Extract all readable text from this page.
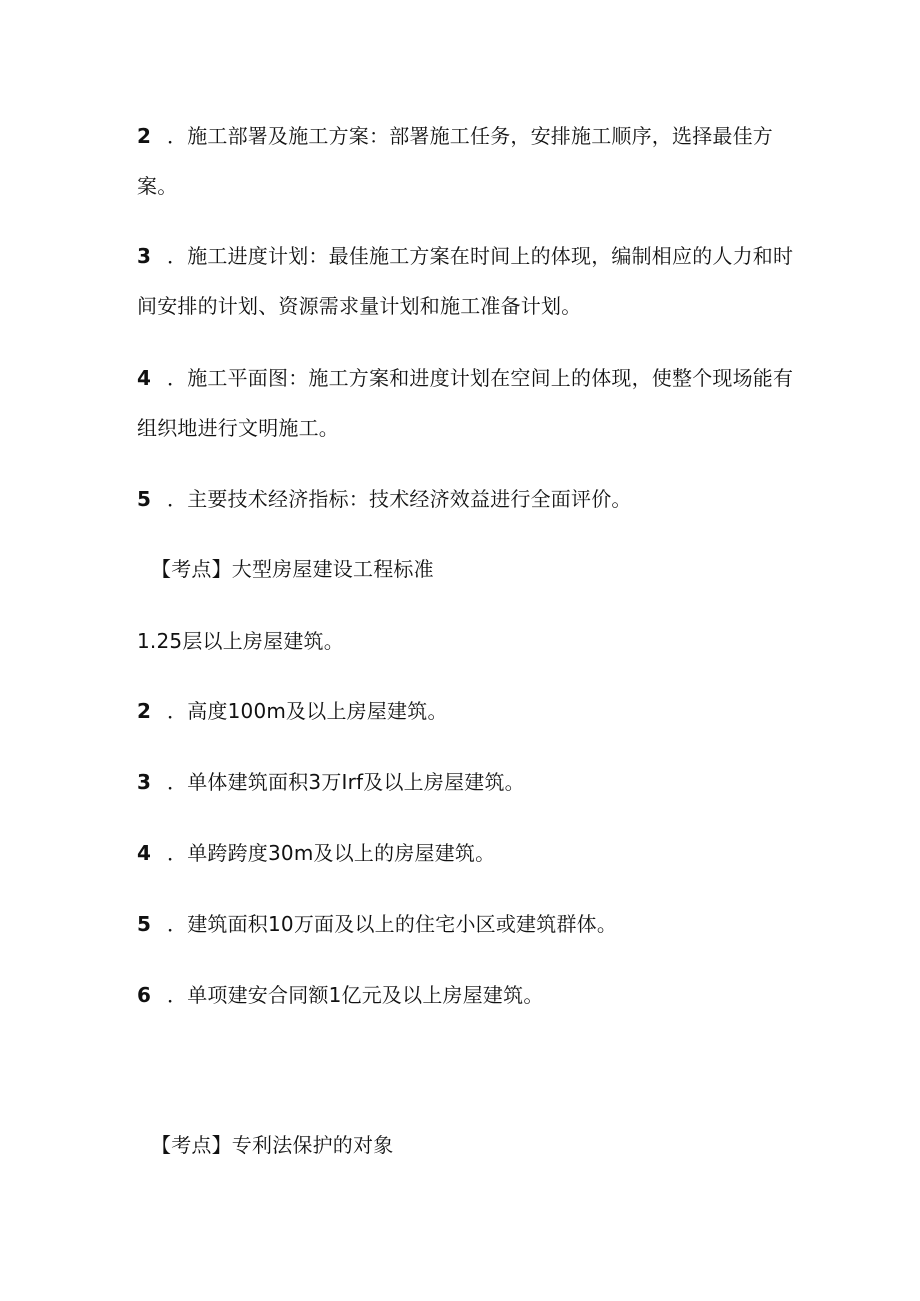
2 ．施工部署及施工方案：部署施工任务，安排施工顺序，选择最佳方
案。
3 ．施工进度计划：最佳施工方案在时间上的体现，编制相应的人力和时
间安排的计划、资源需求量计划和施工准备计划。
4 ．施工平面图：施工方案和进度计划在空间上的体现，使整个现场能有
组织地进行文明施工。
5 ．主要技术经济指标：技术经济效益进行全面评价。
【考点】大型房屋建设工程标准
1.25层以上房屋建筑。
2 ．高度100m及以上房屋建筑。
3 ．单体建筑面积3万Irf及以上房屋建筑。
4 ．单跨跨度30m及以上的房屋建筑。
5 ．建筑面积10万面及以上的住宅小区或建筑群体。
6 ．单项建安合同额1亿元及以上房屋建筑。
【考点】专利法保护的对象
